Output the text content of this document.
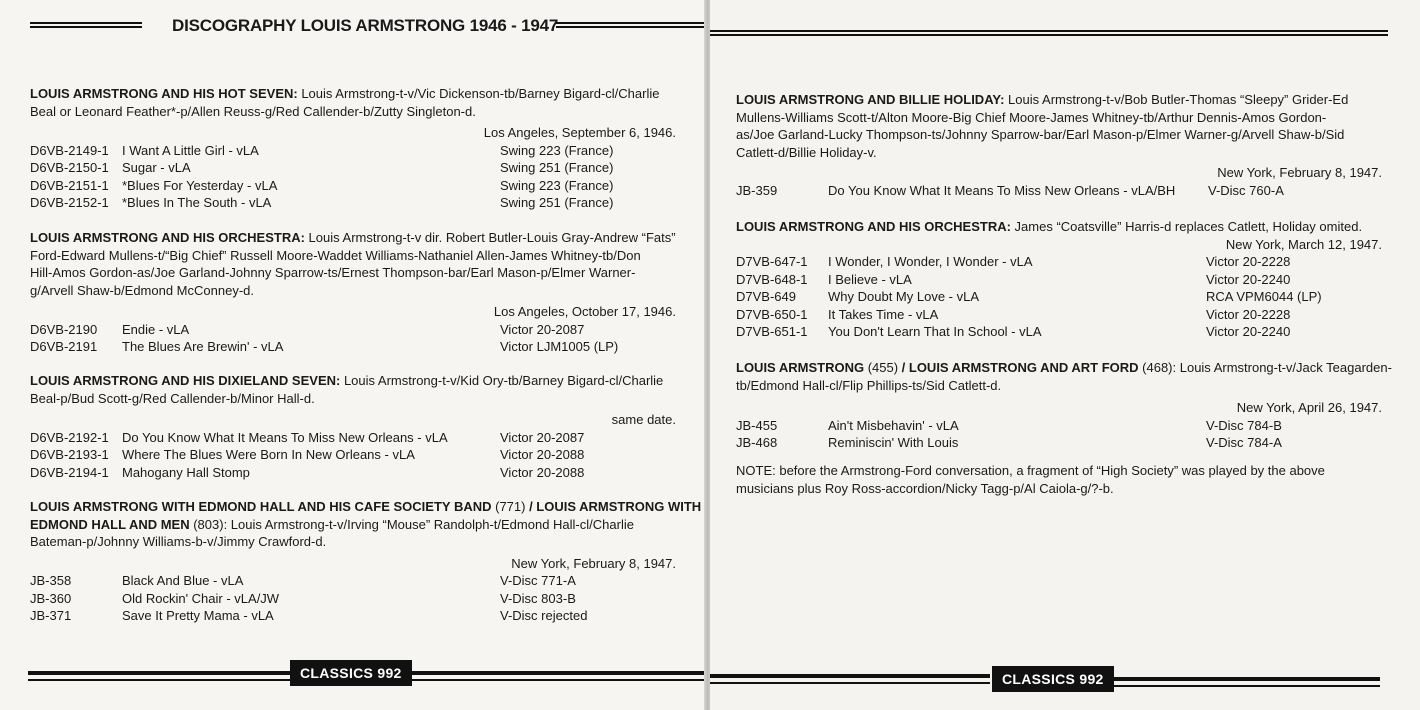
DISCOGRAPHY LOUIS ARMSTRONG 1946 - 1947
LOUIS ARMSTRONG AND HIS HOT SEVEN: Louis Armstrong-t-v/Vic Dickenson-tb/Barney Bigard-cl/Charlie
Beal or Leonard Feather*-p/Allen Reuss-g/Red Callender-b/Zutty Singleton-d.
Los Angeles, September 6, 1946.
D6VB-2149-1 I Want A Little Girl - vLA	Swing 223 (France)
D6VB-2150-1 Sugar - vLA	Swing 251 (France)
D6VB-2151-1 *Blues For Yesterday - vLA	Swing 223 (France)
D6VB-2152-1 *Blues In The South - vLA	Swing 251 (France)
LOUIS ARMSTRONG AND HIS ORCHESTRA: Louis Armstrong-t-v dir. Robert Butler-Louis Gray-Andrew “Fats”
Ford-Edward Mullens-t/“Big Chief” Russell Moore-Waddet Williams-Nathaniel Allen-James Whitney-tb/Don
Hill-Amos Gordon-as/Joe Garland-Johnny Sparrow-ts/Ernest Thompson-bar/Earl Mason-p/Elmer Warner-
g/Arvell Shaw-b/Edmond McConney-d.
Los Angeles, October 17, 1946.
D6VB-2190 Endie - vLA	Victor 20-2087
D6VB-2191 The Blues Are Brewin' - vLA	Victor LJM1005 (LP)
LOUIS ARMSTRONG AND HIS DIXIELAND SEVEN: Louis Armstrong-t-v/Kid Ory-tb/Barney Bigard-cl/Charlie
Beal-p/Bud Scott-g/Red Callender-b/Minor Hall-d.
same date.
D6VB-2192-1 Do You Know What It Means To Miss New Orleans - vLA	Victor 20-2087
D6VB-2193-1 Where The Blues Were Born In New Orleans - vLA	Victor 20-2088
D6VB-2194-1 Mahogany Hall Stomp	Victor 20-2088
LOUIS ARMSTRONG WITH EDMOND HALL AND HIS CAFE SOCIETY BAND (771) / LOUIS ARMSTRONG WITH
EDMOND HALL AND MEN (803): Louis Armstrong-t-v/Irving “Mouse” Randolph-t/Edmond Hall-cl/Charlie
Bateman-p/Johnny Williams-b-v/Jimmy Crawford-d.
New York, February 8, 1947.
JB-358	Black And Blue - vLA	V-Disc 771-A
JB-360	Old Rockin' Chair - vLA/JW	V-Disc 803-B
JB-371	Save It Pretty Mama - vLA	V-Disc rejected
CLASSICS 992
LOUIS ARMSTRONG AND BILLIE HOLIDAY: Louis Armstrong-t-v/Bob Butler-Thomas “Sleepy” Grider-Ed
Mullens-Williams Scott-t/Alton Moore-Big Chief Moore-James Whitney-tb/Arthur Dennis-Amos Gordon-
as/Joe Garland-Lucky Thompson-ts/Johnny Sparrow-bar/Earl Mason-p/Elmer Warner-g/Arvell Shaw-b/Sid
Catlett-d/Billie Holiday-v.
New York, February 8, 1947.
JB-359	Do You Know What It Means To Miss New Orleans - vLA/BH	V-Disc 760-A
LOUIS ARMSTRONG AND HIS ORCHESTRA: James “Coatsville” Harris-d replaces Catlett, Holiday omited.
New York, March 12, 1947.
D7VB-647-1 I Wonder, I Wonder, I Wonder - vLA	Victor 20-2228
D7VB-648-1 I Believe - vLA	Victor 20-2240
D7VB-649 Why Doubt My Love - vLA	RCA VPM6044 (LP)
D7VB-650-1 It Takes Time - vLA	Victor 20-2228
D7VB-651-1 You Don't Learn That In School - vLA	Victor 20-2240
LOUIS ARMSTRONG (455) / LOUIS ARMSTRONG AND ART FORD (468): Louis Armstrong-t-v/Jack Teagarden-
tb/Edmond Hall-cl/Flip Phillips-ts/Sid Catlett-d.
New York, April 26, 1947.
JB-455	Ain't Misbehavin' - vLA	V-Disc 784-B
JB-468	Reminiscin' With Louis	V-Disc 784-A
NOTE: before the Armstrong-Ford conversation, a fragment of “High Society” was played by the above
musicians plus Roy Ross-accordion/Nicky Tagg-p/Al Caiola-g/?-b.
CLASSICS 992
